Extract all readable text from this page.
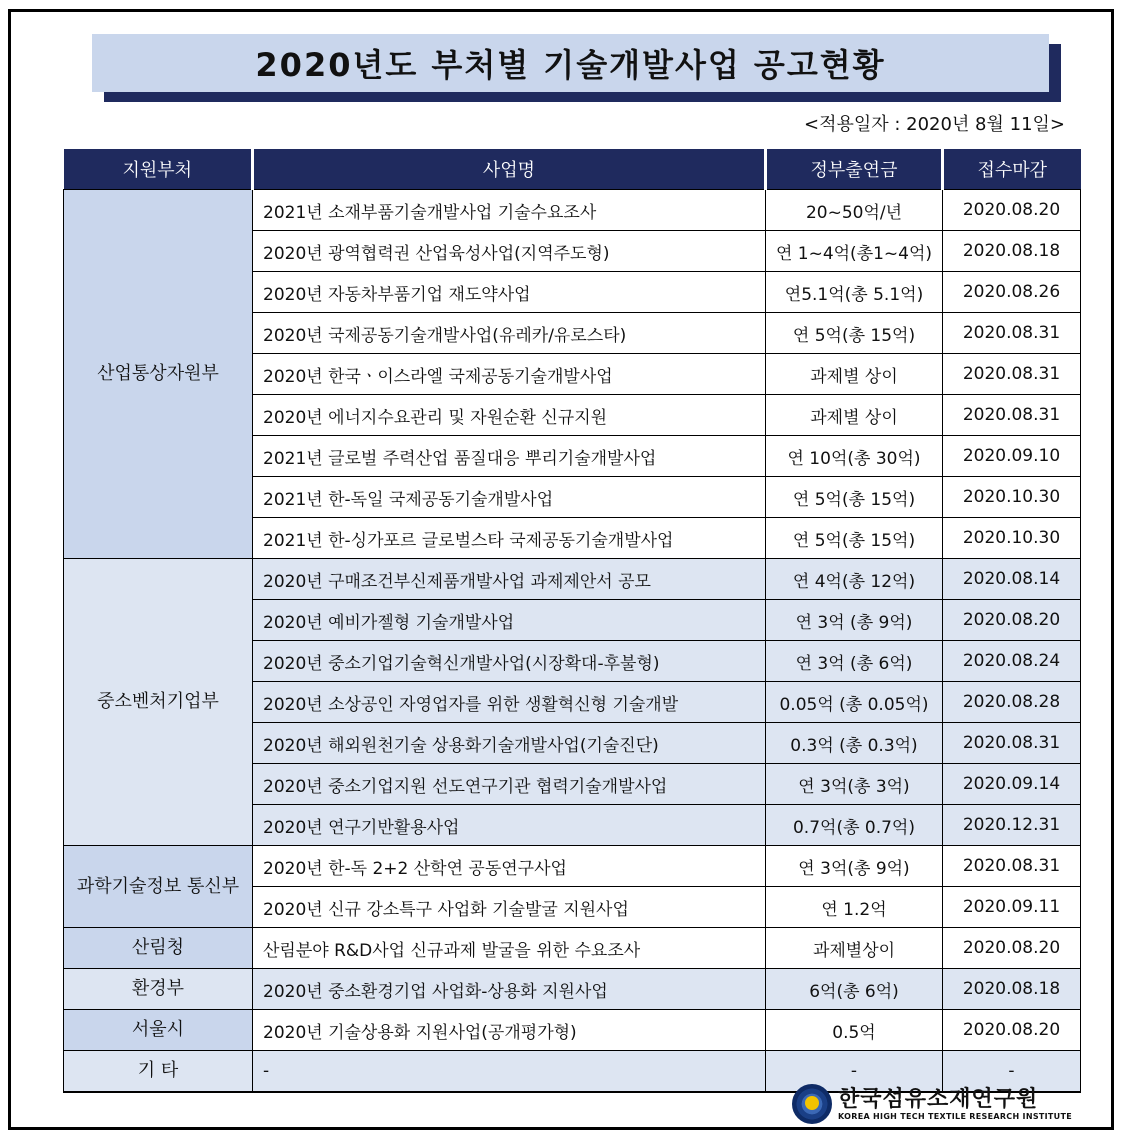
2020년도 부처별 기술개발사업 공고현황
<적용일자 : 2020년 8월 11일>
지원부처	사업명	정부출연금	접수마감
산업통상자원부	2021년 소재부품기술개발사업 기술수요조사	20~50억/년	2020.08.20
	2020년 광역협력권 산업육성사업(지역주도형)	연 1~4억(총1~4억)	2020.08.18
	2020년 자동차부품기업 재도약사업	연5.1억(총 5.1억)	2020.08.26
	2020년 국제공동기술개발사업(유레카/유로스타)	연 5억(총 15억)	2020.08.31
	2020년 한국ㆍ이스라엘 국제공동기술개발사업	과제별 상이	2020.08.31
	2020년 에너지수요관리 및 자원순환 신규지원	과제별 상이	2020.08.31
	2021년 글로벌 주력산업 품질대응 뿌리기술개발사업	연 10억(총 30억)	2020.09.10
	2021년 한-독일 국제공동기술개발사업	연 5억(총 15억)	2020.10.30
	2021년 한-싱가포르 글로벌스타 국제공동기술개발사업	연 5억(총 15억)	2020.10.30
중소벤처기업부	2020년 구매조건부신제품개발사업 과제제안서 공모	연 4억(총 12억)	2020.08.14
	2020년 예비가젤형 기술개발사업	연 3억 (총 9억)	2020.08.20
	2020년 중소기업기술혁신개발사업(시장확대-후불형)	연 3억 (총 6억)	2020.08.24
	2020년 소상공인 자영업자를 위한 생활혁신형 기술개발	0.05억 (총 0.05억)	2020.08.28
	2020년 해외원천기술 상용화기술개발사업(기술진단)	0.3억 (총 0.3억)	2020.08.31
	2020년 중소기업지원 선도연구기관 협력기술개발사업	연 3억(총 3억)	2020.09.14
	2020년 연구기반활용사업	0.7억(총 0.7억)	2020.12.31
과학기술정보 통신부	2020년 한-독 2+2 산학연 공동연구사업	연 3억(총 9억)	2020.08.31
	2020년 신규 강소특구 사업화 기술발굴 지원사업	연 1.2억	2020.09.11
산림청	산림분야 R&D사업 신규과제 발굴을 위한 수요조사	과제별상이	2020.08.20
환경부	2020년 중소환경기업 사업화-상용화 지원사업	6억(총 6억)	2020.08.18
서울시	2020년 기술상용화 지원사업(공개평가형)	0.5억	2020.08.20
기 타	-	-	-
한국섬유소재연구원
KOREA HIGH TECH TEXTILE RESEARCH INSTITUTE
